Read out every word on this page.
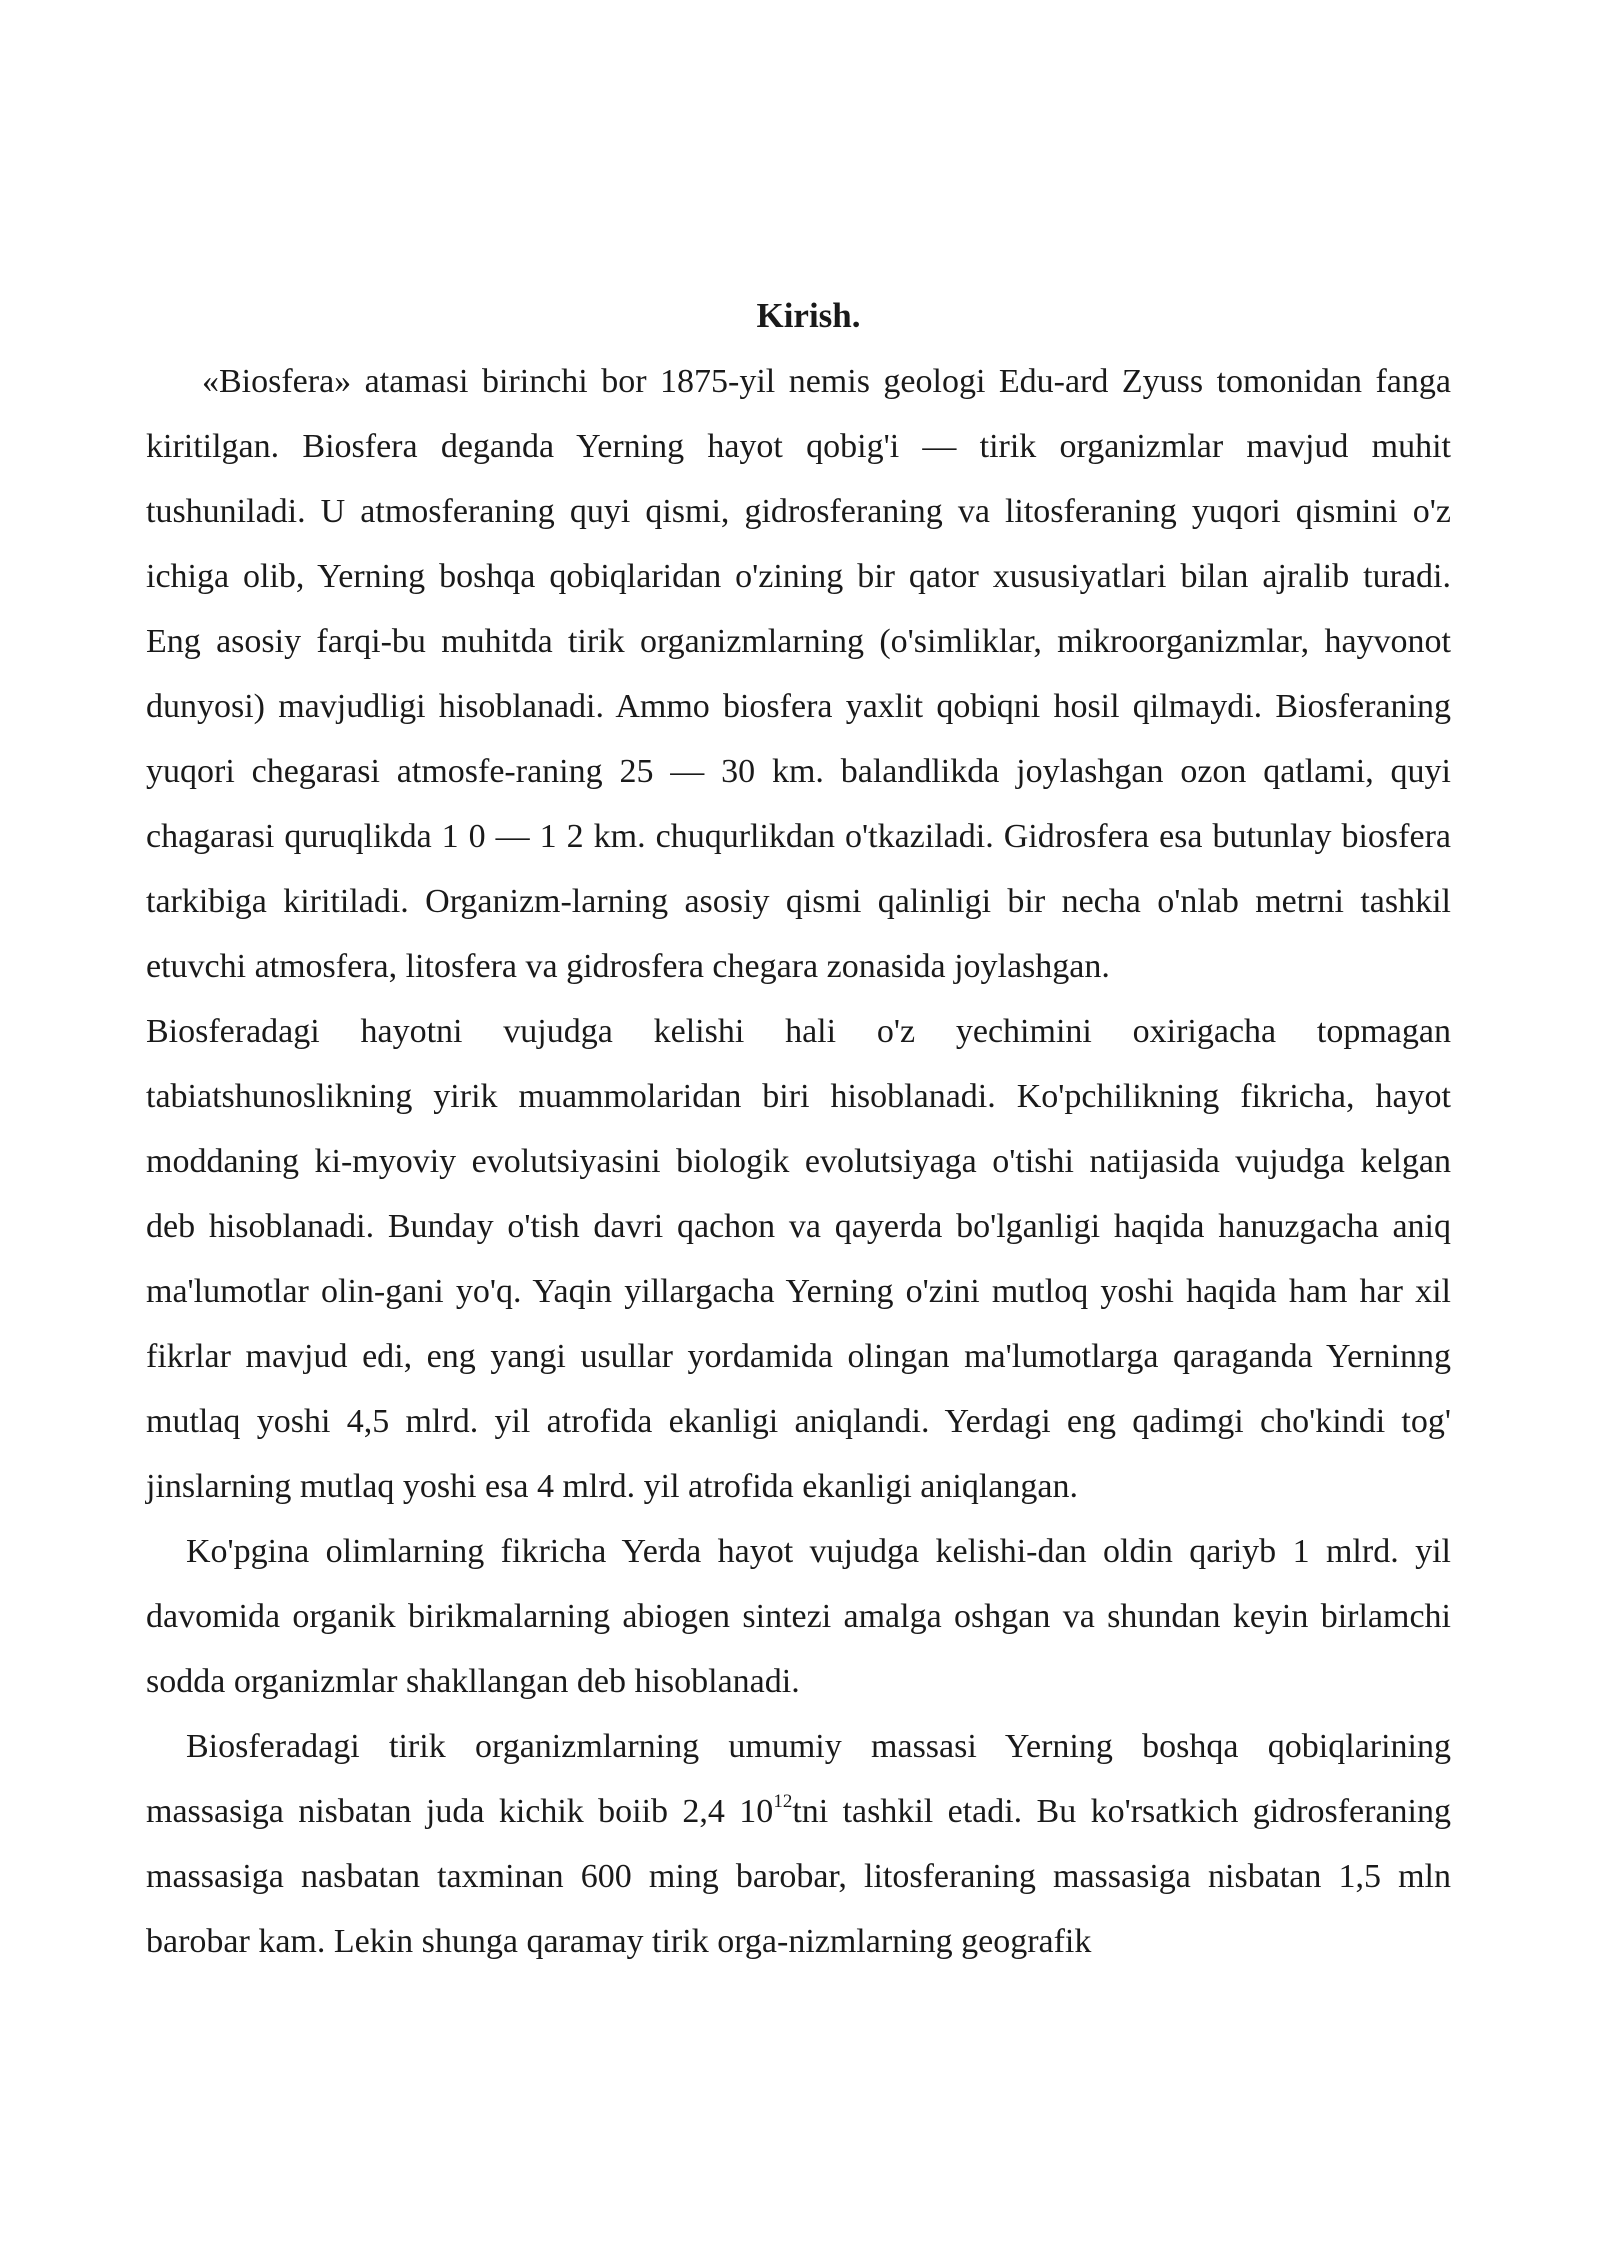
Kirish.

«Biosfera» atamasi birinchi bor 1875-yil nemis geologi Edu-ard Zyuss tomonidan fanga kiritilgan. Biosfera deganda Yerning hayot qobig'i — tirik organizmlar mavjud muhit tushuniladi. U atmosferaning quyi qismi, gidrosferaning va litosferaning yuqori qismini o'z ichiga olib, Yerning boshqa qobiqlaridan o'zining bir qator xususiyatlari bilan ajralib turadi. Eng asosiy farqi-bu muhitda tirik organizmlarning (o'simliklar, mikroorganizmlar, hayvonot dunyosi) mavjudligi hisoblanadi. Ammo biosfera yaxlit qobiqni hosil qilmaydi. Biosferaning yuqori chegarasi atmosfe-raning 25 — 30 km. balandlikda joylashgan ozon qatlami, quyi chagarasi quruqlikda 1 0 — 1 2 km. chuqurlikdan o'tkaziladi. Gidrosfera esa butunlay biosfera tarkibiga kiritiladi. Organizm-larning asosiy qismi qalinligi bir necha o'nlab metrni tashkil etuvchi atmosfera, litosfera va gidrosfera chegara zonasida joylashgan.

Biosferadagi hayotni vujudga kelishi hali o'z yechimini oxirigacha topmagan tabiatshunoslikning yirik muammolaridan biri hisoblanadi. Ko'pchilikning fikricha, hayot moddaning ki-myoviy evolutsiyasini biologik evolutsiyaga o'tishi natijasida vujudga kelgan deb hisoblanadi. Bunday o'tish davri qachon va qayerda bo'lganligi haqida hanuzgacha aniq ma'lumotlar olin-gani yo'q. Yaqin yillargacha Yerning o'zini mutloq yoshi haqida ham har xil fikrlar mavjud edi, eng yangi usullar yordamida olingan ma'lumotlarga qaraganda Yerninng mutlaq yoshi 4,5 mlrd. yil atrofida ekanligi aniqlandi. Yerdagi eng qadimgi cho'kindi tog' jinslarning mutlaq yoshi esa 4 mlrd. yil atrofida ekanligi aniqlangan.

Ko'pgina olimlarning fikricha Yerda hayot vujudga kelishi-dan oldin qariyb 1 mlrd. yil davomida organik birikmalarning abiogen sintezi amalga oshgan va shundan keyin birlamchi sodda organizmlar shakllangan deb hisoblanadi.

Biosferadagi tirik organizmlarning umumiy massasi Yerning boshqa qobiqlarining massasiga nisbatan juda kichik boiib 2,4 $10^{12}tni$ tashkil etadi. Bu ko'rsatkich gidrosferaning massasiga nasbatan taxminan 600 ming barobar, litosferaning massasiga nisbatan 1,5 mln barobar kam. Lekin shunga qaramay tirik orga-nizmlarning geografik
